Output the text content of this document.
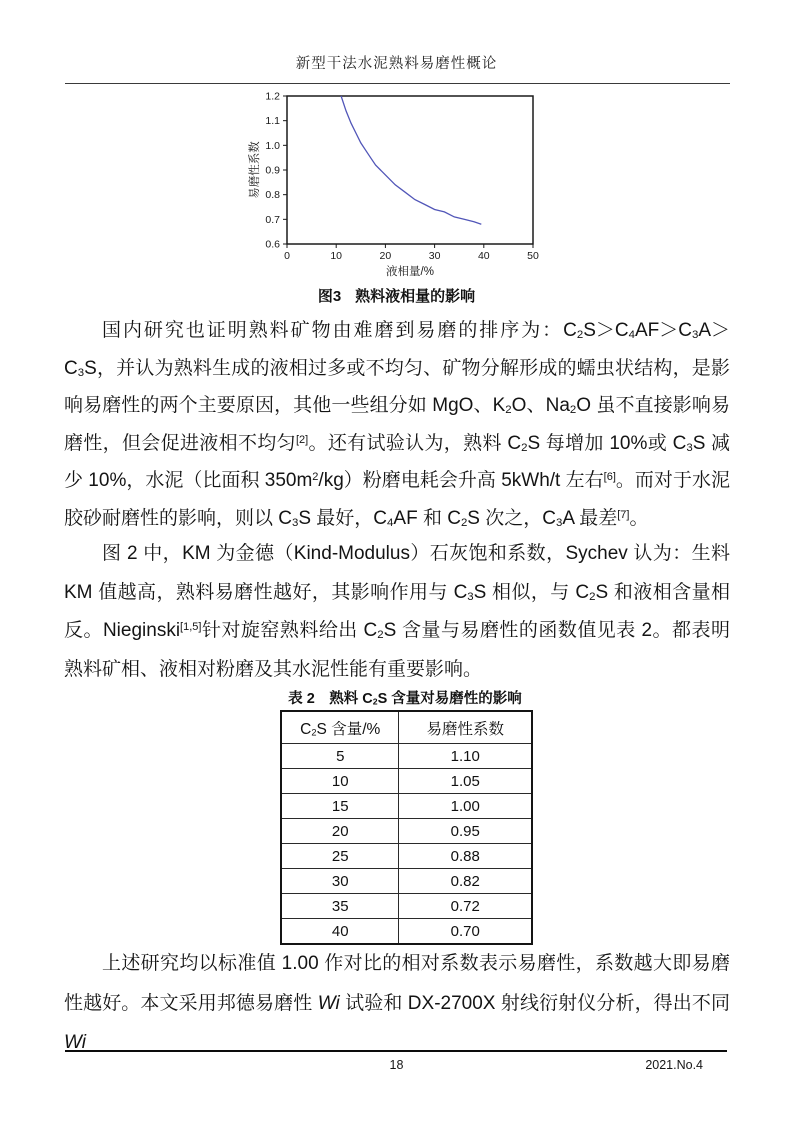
新型干法水泥熟料易磨性概论
0	10	20	30	40	50
0.6
0.7
0.8
0.9
1.0
1.1
1.2
液相量/%
易磨性系数
图3 熟料液相量的影响

国内研究也证明熟料矿物由难磨到易磨的排序为：$C_2S>C_4AF>C_3A>C_3S$，并认为熟料生成的液相过多或不均匀、矿物分解形成的蠕虫状结构，是影响易磨性的两个主要原因，其他一些组分如 MgO、$K_2O$、$Na_2O$ 虽不直接影响易磨性，但会促进液相不均匀[2]。还有试验认为，熟料 $C_2S$ 每增加 10%或 $C_3S$ 减少 10%，水泥（比面积 $350m^2/kg$）粉磨电耗会升高 5kWh/t 左右[6]。而对于水泥胶砂耐磨性的影响，则以 $C_3S$ 最好，$C_4AF$ 和 $C_2S$ 次之，$C_3A$ 最差[7]。

图 2 中，KM 为金德（Kind-Modulus）石灰饱和系数，Sychev 认为：生料 KM 值越高，熟料易磨性越好，其影响作用与 $C_3S$ 相似，与 $C_2S$ 和液相含量相反。Nieginski[1,5]针对旋窑熟料给出 $C_2S$ 含量与易磨性的函数值见表 2。都表明熟料矿相、液相对粉磨及其水泥性能有重要影响。

表 2　熟料 $C_2S$ 含量对易磨性的影响
$C_2S$ 含量/%	易磨性系数
5	1.10
10	1.05
15	1.00
20	0.95
25	0.88
30	0.82
35	0.72
40	0.70

上述研究均以标准值 1.00 作对比的相对系数表示易磨性，系数越大即易磨性越好。本文采用邦德易磨性 Wi 试验和 DX-2700X 射线衍射仪分析，得出不同 Wi

18	2021.No.4
